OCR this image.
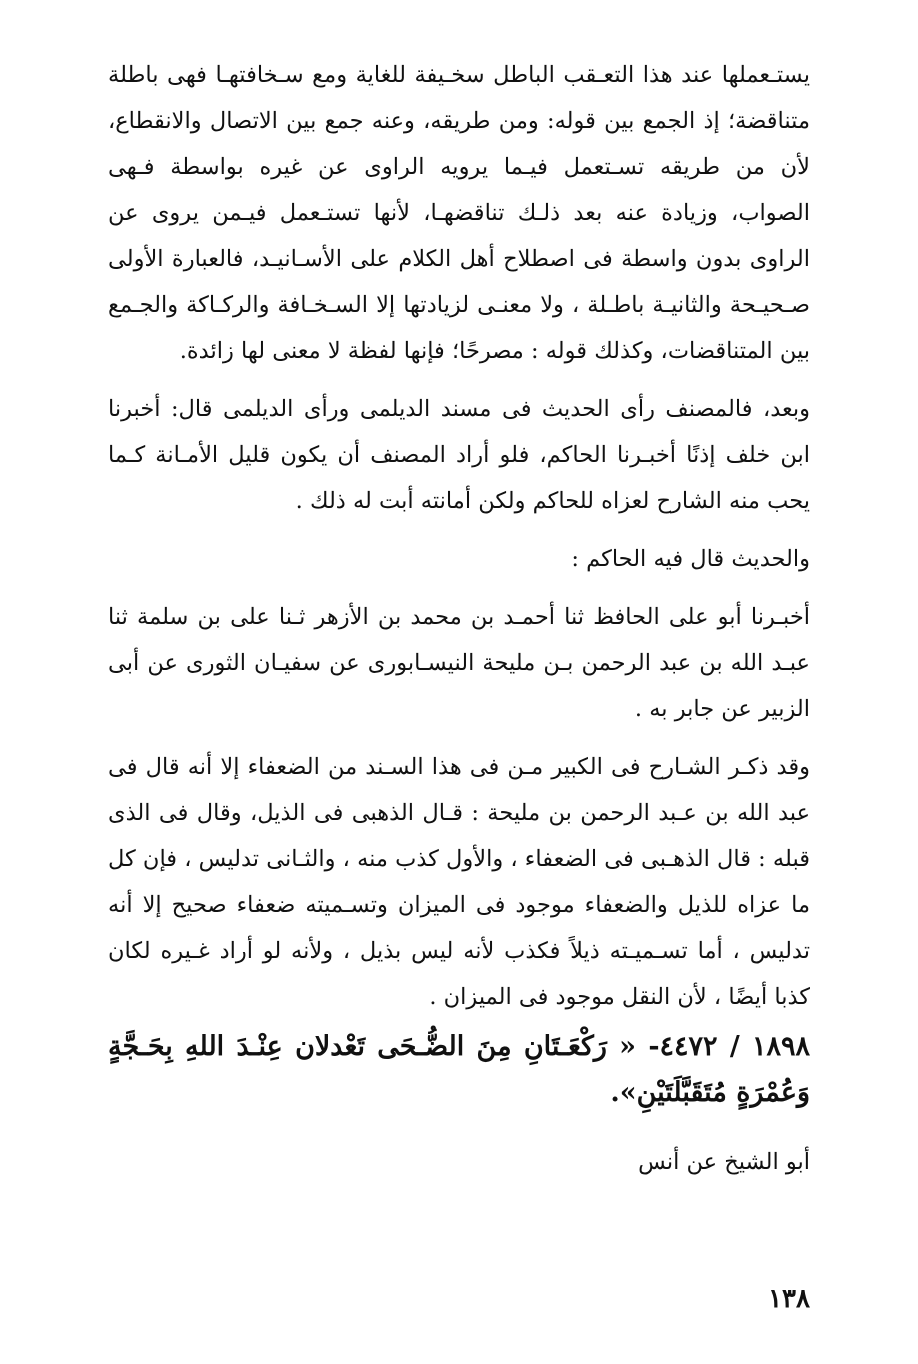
يستـعملها عند هذا التعـقب الباطل سخـيفة للغاية ومع سـخافتهـا فهى باطلة متناقضة؛ إذ الجمع بين قوله: ومن طريقه، وعنه جمع بين الاتصال والانقطاع، لأن من طريقه تسـتعمل فيـما يرويه الراوى عن غيره بواسطة فـهى الصواب، وزيادة عنه بعد ذلـك تناقضهـا، لأنها تستـعمل فيـمن يروى عن الراوى بدون واسطة فى اصطلاح أهل الكلام على الأسـانيـد، فالعبارة الأولى صـحيـحة والثانيـة باطـلة ، ولا معنـى لزيادتها إلا السـخـافة والركـاكة والجـمع بين المتناقضات، وكذلك قوله : مصرحًا؛ فإنها لفظة لا معنى لها زائدة.

وبعد، فالمصنف رأى الحديث فى مسند الديلمى ورأى الديلمى قال: أخبرنا ابن خلف إذنًا أخبـرنا الحاكم، فلو أراد المصنف أن يكون قليل الأمـانة كـما يحب منه الشارح لعزاه للحاكم ولكن أمانته أبت له ذلك .

والحديث قال فيه الحاكم :

أخبـرنا أبو على الحافظ ثنا أحمـد بن محمد بن الأزهر ثـنا على بن سلمة ثنا عبـد الله بن عبد الرحمن بـن مليحة النيسـابورى عن سفيـان الثورى عن أبى الزبير عن جابر به .

وقد ذكـر الشـارح فى الكبير مـن فى هذا السـند من الضعفاء إلا أنه قال فى عبد الله بن عـبد الرحمن بن مليحة : قـال الذهبى فى الذيل، وقال فى الذى قبله : قال الذهـبى فى الضعفاء ، والأول كذب منه ، والثـانى تدليس ، فإن كل ما عزاه للذيل والضعفاء موجود فى الميزان وتسـميته ضعفاء صحيح إلا أنه تدليس ، أما تسـميـته ذيلاً فكذب لأنه ليس بذيل ، ولأنه لو أراد غـيره لكان كذبا أيضًا ، لأن النقل موجود فى الميزان .

١٨٩٨ / ٤٤٧٢- « رَكْعَـتَانِ مِنَ الضُّـحَى تَعْدلان عِنْـدَ اللهِ بِحَـجَّةٍ وَعُمْرَةٍ مُتَقَبَّلَتَيْنِ».

أبو الشيخ عن أنس

١٣٨
